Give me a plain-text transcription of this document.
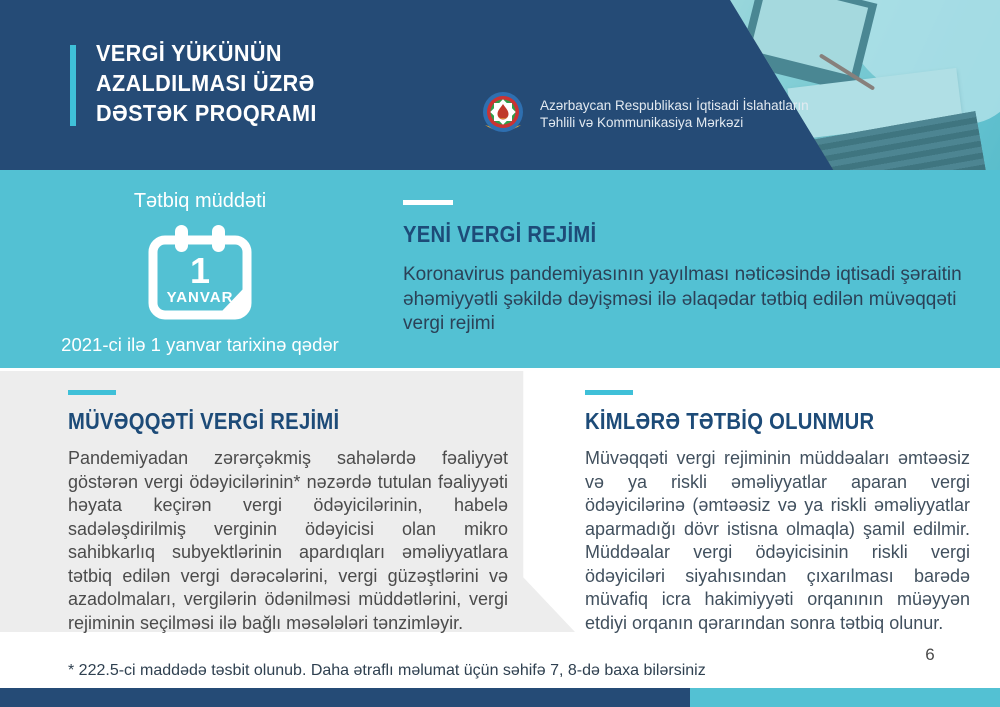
VERGİ YÜKÜNÜN
AZALDILMASI ÜZRƏ
DƏSTƏK PROQRAMI	Azərbaycan Respublikası İqtisadi İslahatların
Təhlili və Kommunikasiya Mərkəzi
Tətbiq müddəti
1
YANVAR
2021-ci ilə 1 yanvar tarixinə qədər
YENİ VERGİ REJİMİ
Koronavirus pandemiyasının yayılması nəticəsində iqtisadi şəraitin əhəmiyyətli şəkildə dəyişməsi ilə əlaqədar tətbiq edilən müvəqqəti vergi rejimi
MÜVƏQQƏTİ VERGİ REJİMİ
Pandemiyadan zərərçəkmiş sahələrdə fəaliyyət göstərən vergi ödəyicilərinin* nəzərdə tutulan fəaliyyəti həyata keçirən vergi ödəyicilərinin, habelə sadələşdirilmiş verginin ödəyicisi olan mikro sahibkarlıq subyektlərinin apardıqları əməliyyatlara tətbiq edilən vergi dərəcələrini, vergi güzəştlərini və azadolmaları, vergilərin ödənilməsi müddətlərini, vergi rejiminin seçilməsi ilə bağlı məsələləri tənzimləyir.
KİMLƏRƏ TƏTBİQ OLUNMUR
Müvəqqəti vergi rejiminin müddəaları əmtəəsiz və ya riskli əməliyyatlar aparan vergi ödəyicilərinə (əmtəəsiz və ya riskli əməliyyatlar aparmadığı dövr istisna olmaqla) şamil edilmir. Müddəalar vergi ödəyicisinin riskli vergi ödəyiciləri siyahısından çıxarılması barədə müvafiq icra hakimiyyəti orqanının müəyyən etdiyi orqanın qərarından sonra tətbiq olunur.
* 222.5-ci maddədə təsbit olunub. Daha ətraflı məlumat üçün səhifə 7, 8-də baxa bilərsiniz
6
